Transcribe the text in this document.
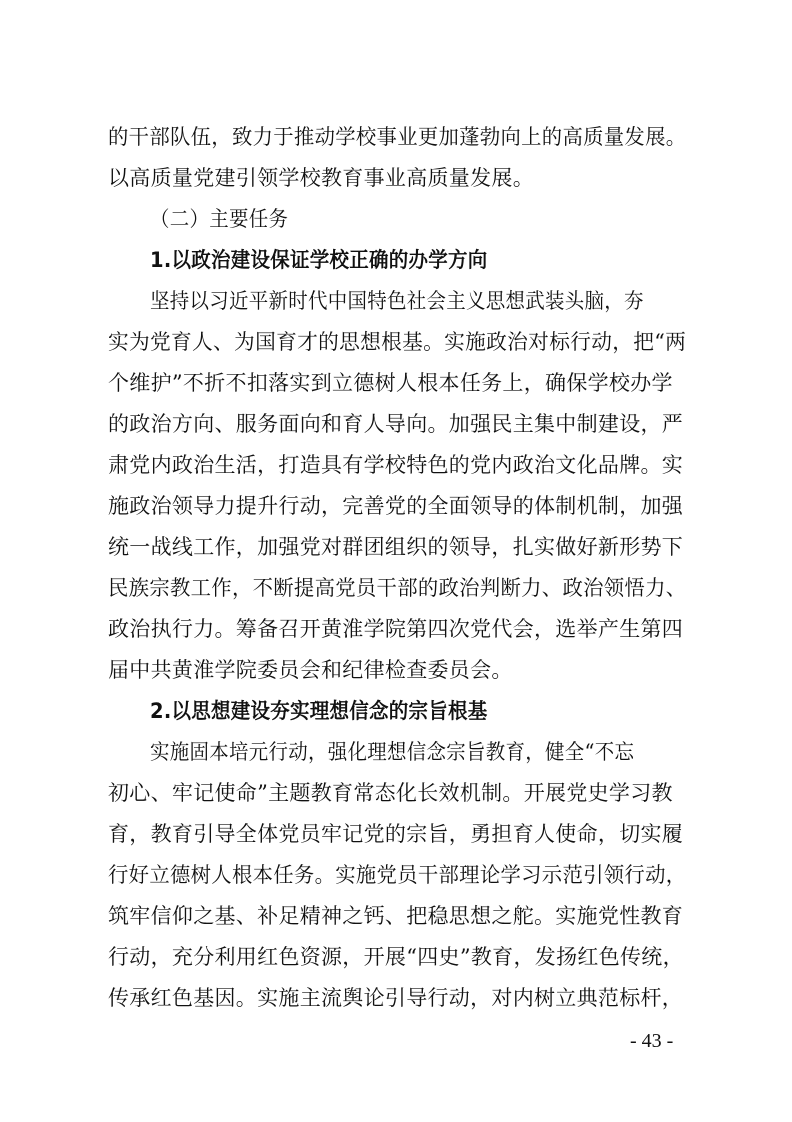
的干部队伍，致力于推动学校事业更加蓬勃向上的高质量发展。
以高质量党建引领学校教育事业高质量发展。
（二）主要任务
1.以政治建设保证学校正确的办学方向
坚持以习近平新时代中国特色社会主义思想武装头脑，夯
实为党育人、为国育才的思想根基。实施政治对标行动，把“两
个维护”不折不扣落实到立德树人根本任务上，确保学校办学
的政治方向、服务面向和育人导向。加强民主集中制建设，严
肃党内政治生活，打造具有学校特色的党内政治文化品牌。实
施政治领导力提升行动，完善党的全面领导的体制机制，加强
统一战线工作，加强党对群团组织的领导，扎实做好新形势下
民族宗教工作，不断提高党员干部的政治判断力、政治领悟力、
政治执行力。筹备召开黄淮学院第四次党代会，选举产生第四
届中共黄淮学院委员会和纪律检查委员会。
2.以思想建设夯实理想信念的宗旨根基
实施固本培元行动，强化理想信念宗旨教育，健全“不忘
初心、牢记使命”主题教育常态化长效机制。开展党史学习教
育，教育引导全体党员牢记党的宗旨，勇担育人使命，切实履
行好立德树人根本任务。实施党员干部理论学习示范引领行动，
筑牢信仰之基、补足精神之钙、把稳思想之舵。实施党性教育
行动，充分利用红色资源，开展“四史”教育，发扬红色传统，
传承红色基因。实施主流舆论引导行动，对内树立典范标杆，
- 43 -
